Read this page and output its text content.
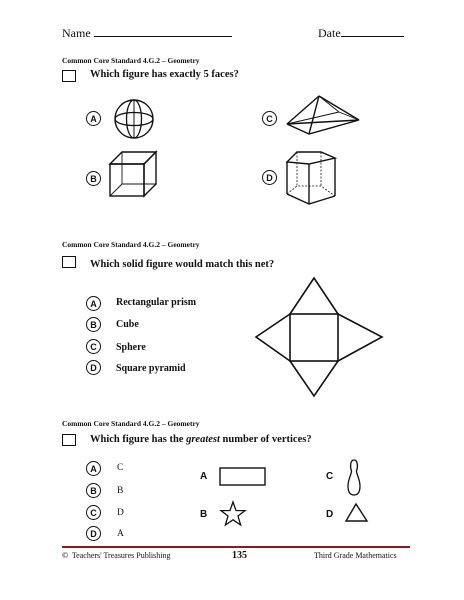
Name	Date
Common Core Standard 4.G.2 – Geometry
Which figure has exactly 5 faces?
A
B
C
D
Common Core Standard 4.G.2 – Geometry
Which solid figure would match this net?
A Rectangular prism
B Cube
C Sphere
D Square pyramid
Common Core Standard 4.G.2 – Geometry
Which figure has the greatest number of vertices?
A C
B B
C D
D A
A
B
C
D
© Teachers' Treasures Publishing	135	Third Grade Mathematics
